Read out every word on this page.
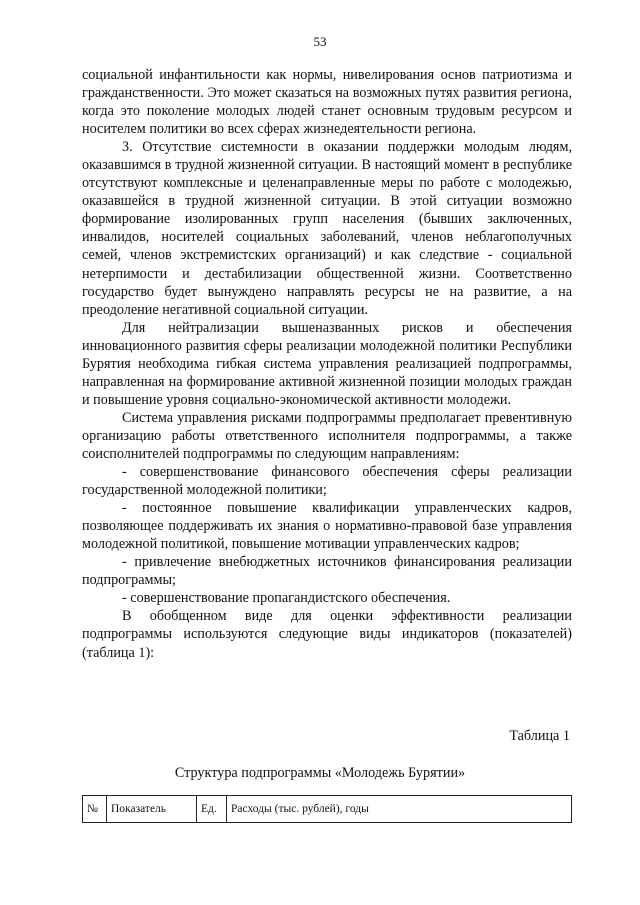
53

социальной инфантильности как нормы, нивелирования основ патриотизма и гражданственности. Это может сказаться на возможных путях развития региона, когда это поколение молодых людей станет основным трудовым ресурсом и носителем политики во всех сферах жизнедеятельности региона.

3. Отсутствие системности в оказании поддержки молодым людям, оказавшимся в трудной жизненной ситуации. В настоящий момент в республике отсутствуют комплексные и целенаправленные меры по работе с молодежью, оказавшейся в трудной жизненной ситуации. В этой ситуации возможно формирование изолированных групп населения (бывших заключенных, инвалидов, носителей социальных заболеваний, членов неблагополучных семей, членов экстремистских организаций) и как следствие - социальной нетерпимости и дестабилизации общественной жизни. Соответственно государство будет вынуждено направлять ресурсы не на развитие, а на преодоление негативной социальной ситуации.

Для нейтрализации вышеназванных рисков и обеспечения инновационного развития сферы реализации молодежной политики Республики Бурятия необходима гибкая система управления реализацией подпрограммы, направленная на формирование активной жизненной позиции молодых граждан и повышение уровня социально-экономической активности молодежи.

Система управления рисками подпрограммы предполагает превентивную организацию работы ответственного исполнителя подпрограммы, а также соисполнителей подпрограммы по следующим направлениям:

- совершенствование финансового обеспечения сферы реализации государственной молодежной политики;

- постоянное повышение квалификации управленческих кадров, позволяющее поддерживать их знания о нормативно-правовой базе управления молодежной политикой, повышение мотивации управленческих кадров;

- привлечение внебюджетных источников финансирования реализации подпрограммы;

- совершенствование пропагандистского обеспечения.

В обобщенном виде для оценки эффективности реализации подпрограммы используются следующие виды индикаторов (показателей) (таблица 1):

Таблица 1
Структура подпрограммы «Молодежь Бурятии»
№	Показатель	Ед.	Расходы (тыс. рублей), годы
